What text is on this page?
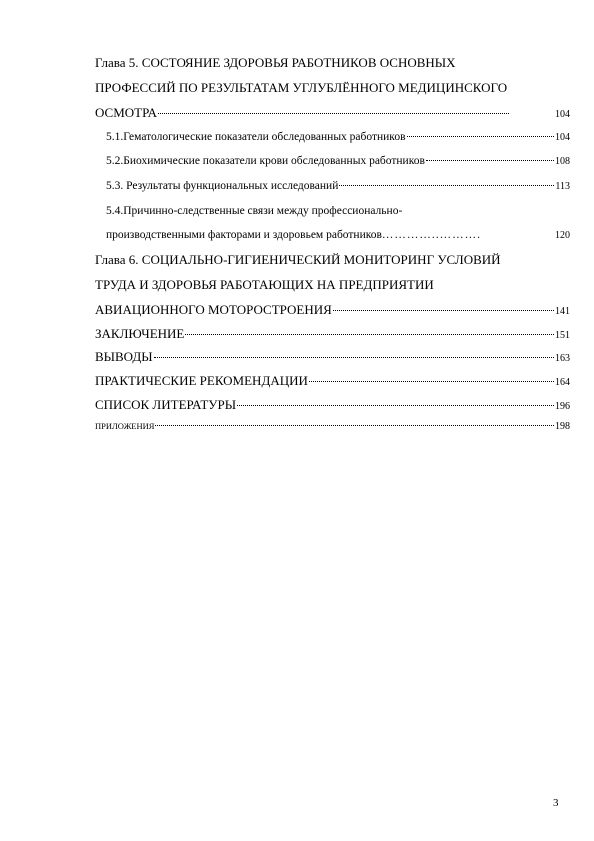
Глава 5. СОСТОЯНИЕ ЗДОРОВЬЯ РАБОТНИКОВ ОСНОВНЫХ
ПРОФЕССИЙ ПО РЕЗУЛЬТАТАМ УГЛУБЛЁННОГО МЕДИЦИНСКОГО
ОСМОТРА	104
5.1.Гематологические показатели обследованных работников	104
5.2.Биохимические показатели крови обследованных работников	108
5.3. Результаты функциональных исследований	113
5.4.Причинно-следственные связи между профессионально-
производственными факторами и здоровьем работников …………..……….	120
Глава 6. СОЦИАЛЬНО-ГИГИЕНИЧЕСКИЙ МОНИТОРИНГ УСЛОВИЙ
ТРУДА И ЗДОРОВЬЯ РАБОТАЮЩИХ НА ПРЕДПРИЯТИИ
АВИАЦИОННОГО МОТОРОСТРОЕНИЯ	141
ЗАКЛЮЧЕНИЕ	151
ВЫВОДЫ	163
ПРАКТИЧЕСКИЕ РЕКОМЕНДАЦИИ	164
СПИСОК ЛИТЕРАТУРЫ	196
ПРИЛОЖЕНИЯ	198
3
